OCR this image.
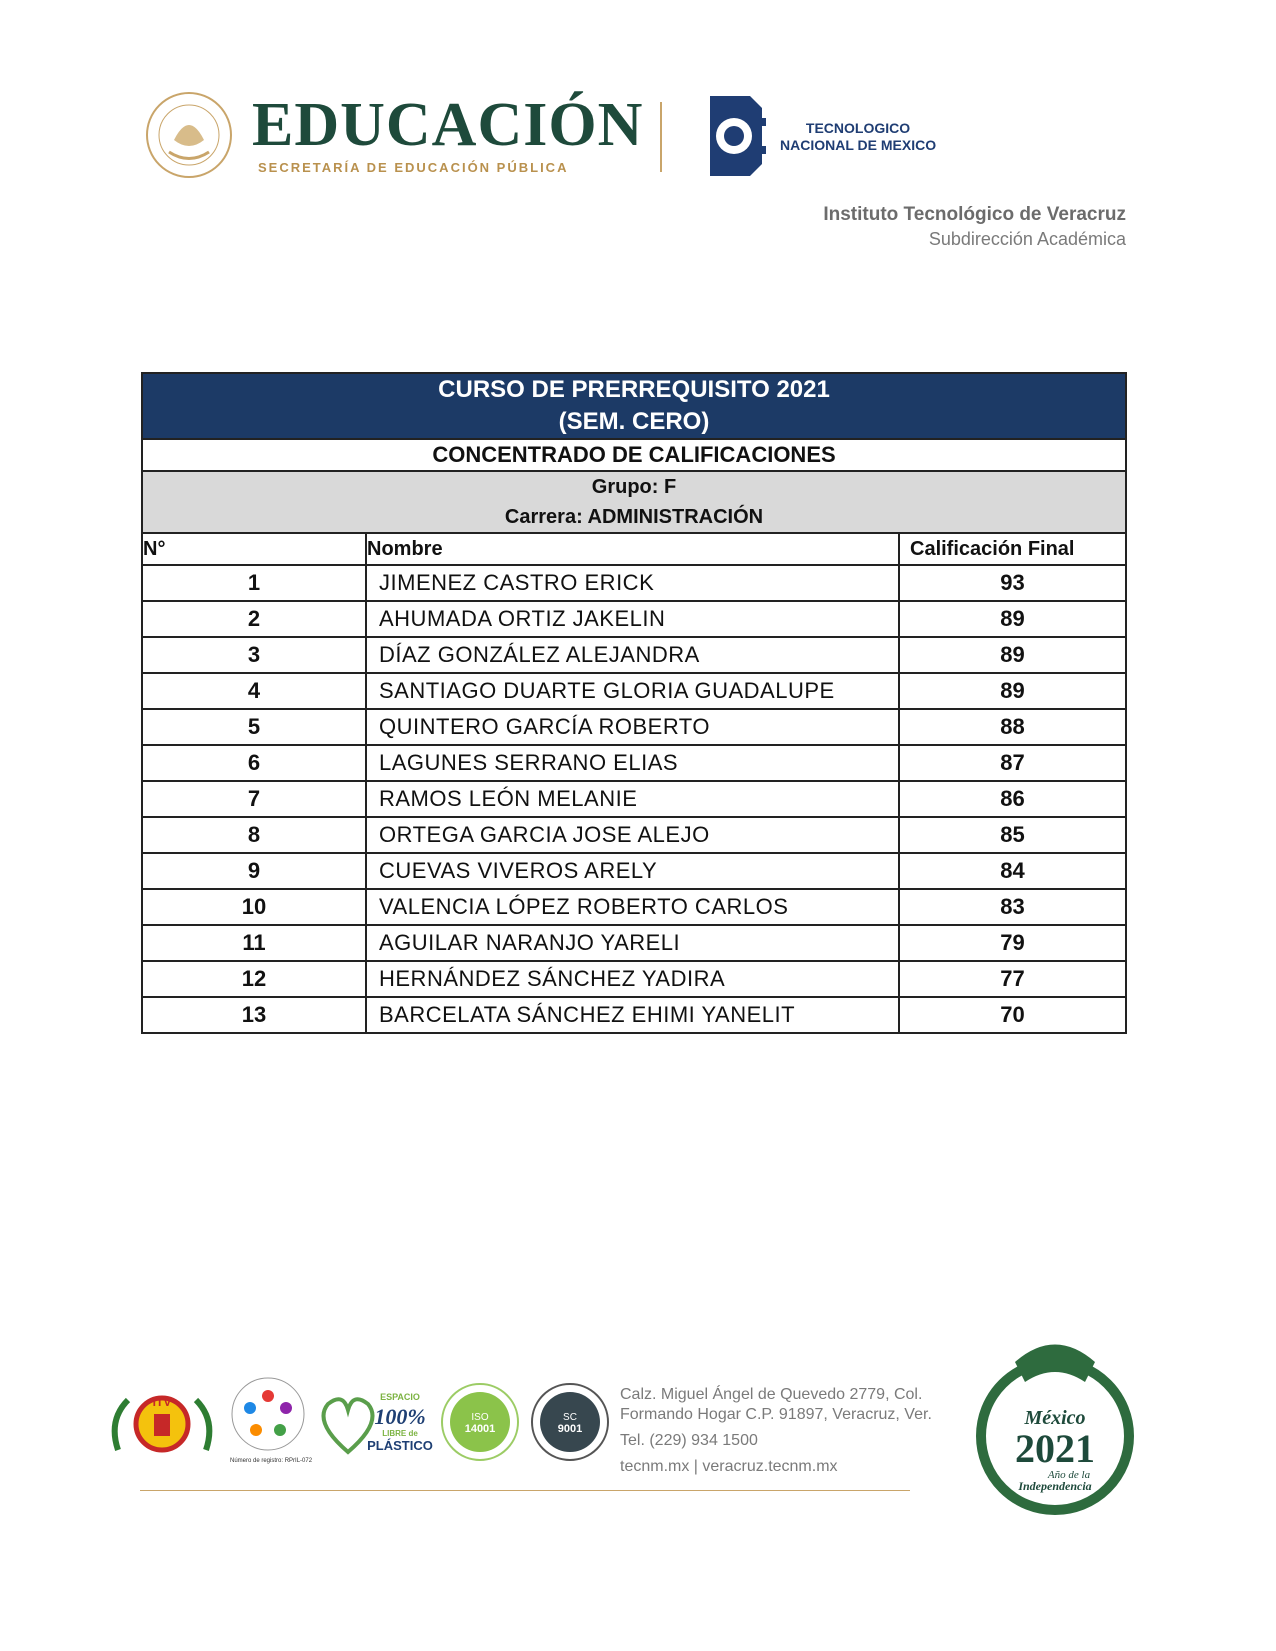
EDUCACIÓN
SECRETARÍA DE EDUCACIÓN PÚBLICA
TECNOLOGICO
NACIONAL DE MEXICO
Instituto Tecnológico de Veracruz
Subdirección Académica
CURSO DE PRERREQUISITO 2021
(SEM. CERO)		

CONCENTRADO DE CALIFICACIONES		

Grupo: F
Carrera: ADMINISTRACIÓN		

N°	Nombre	Calificación Final
1	JIMENEZ CASTRO ERICK	93
2	AHUMADA ORTIZ JAKELIN	89
3	DÍAZ GONZÁLEZ ALEJANDRA	89
4	SANTIAGO DUARTE GLORIA GUADALUPE	89
5	QUINTERO GARCÍA ROBERTO	88
6	LAGUNES SERRANO ELIAS	87
7	RAMOS LEÓN MELANIE	86
8	ORTEGA GARCIA JOSE ALEJO	85
9	CUEVAS VIVEROS ARELY	84
10	VALENCIA LÓPEZ ROBERTO CARLOS	83
11	AGUILAR NARANJO YARELI	79
12	HERNÁNDEZ SÁNCHEZ YADIRA	77
13	BARCELATA SÁNCHEZ EHIMI YANELIT	70
ITV
Número de registro: RPrIL-072
ESPACIO
100%
LIBRE de
PLÁSTICO
ISO
14001
SC
9001
Calz. Miguel Ángel de Quevedo 2779, Col.
Formando Hogar C.P. 91897, Veracruz, Ver.
Tel. (229) 934 1500
tecnm.mx | veracruz.tecnm.mx
México
2021
Año de la
Independencia
